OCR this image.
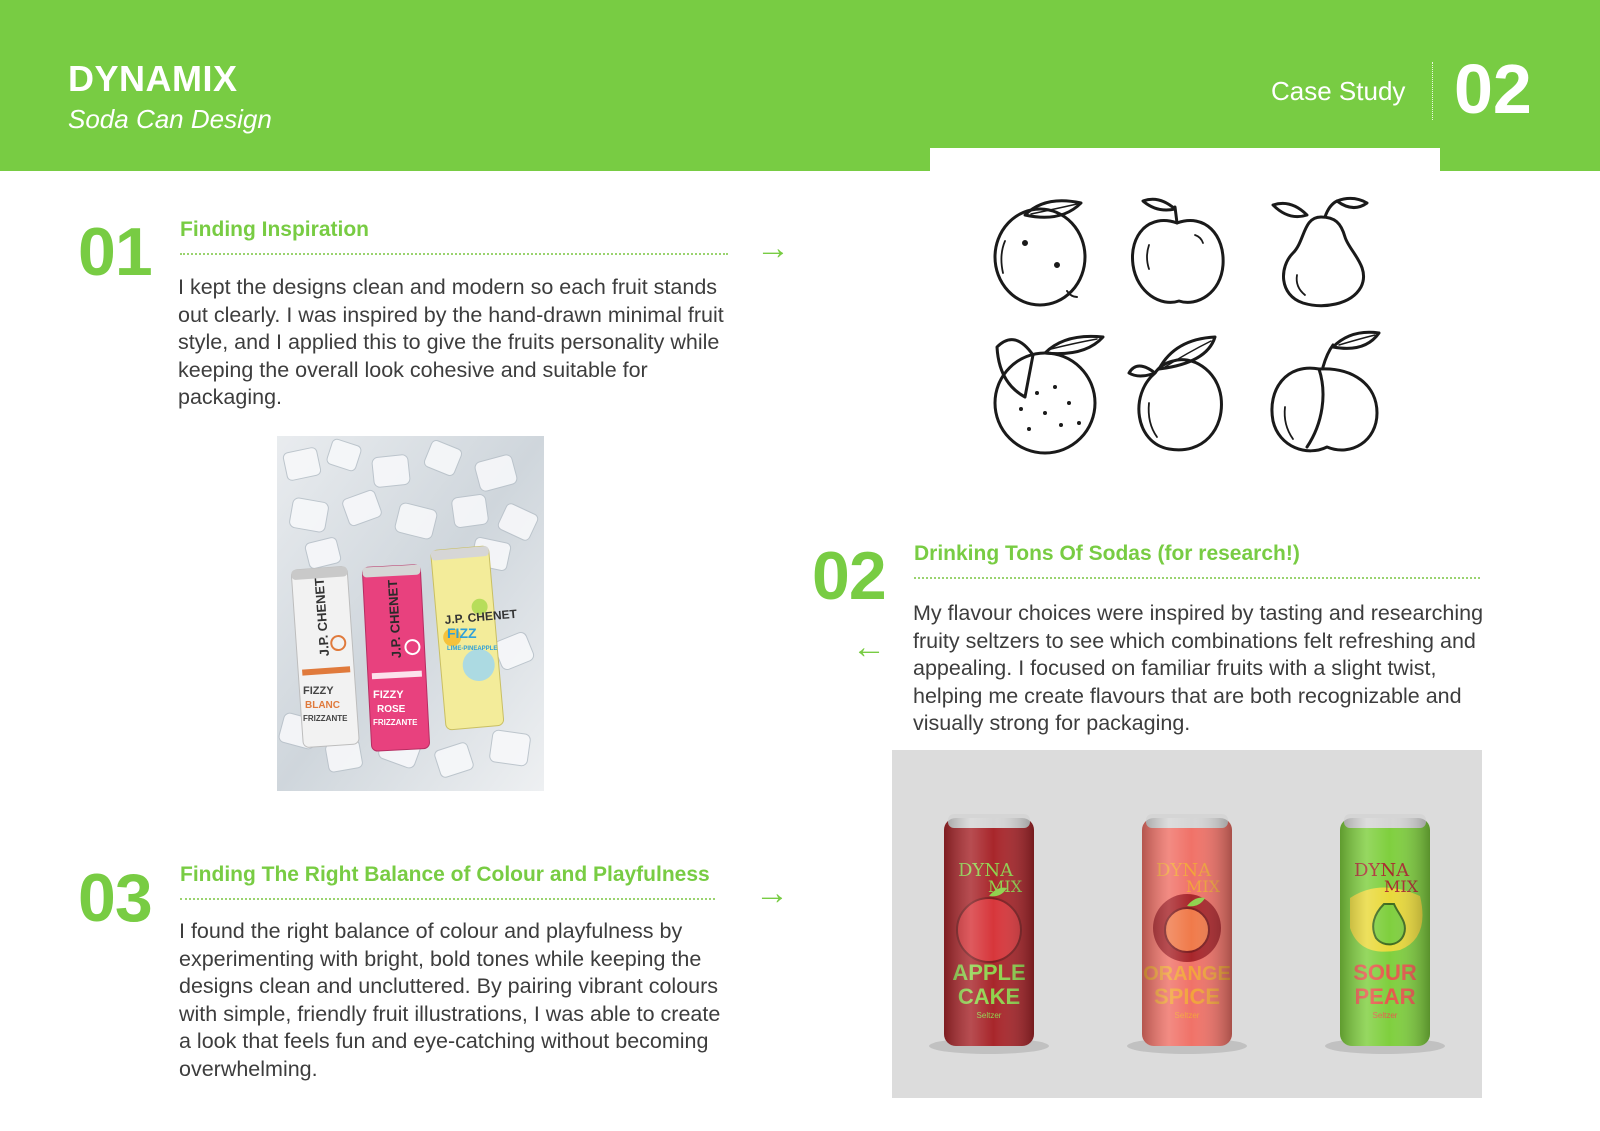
DYNAMIX
Soda Can Design
Case Study 02
01 Finding Inspiration
I kept the designs clean and modern so each fruit stands out clearly. I was inspired by the hand-drawn minimal fruit style, and I applied this to give the fruits personality while keeping the overall look cohesive and suitable for packaging.
→
J.P. CHENET	J.P. CHENET	J.P. CHENET
FIZZY
BLANC
FRIZZANTE
FIZZY
ROSE
FRIZZANTE
FIZZ
LIME-PINEAPPLE
02 Drinking Tons Of Sodas (for research!)
My flavour choices were inspired by tasting and researching fruity seltzers to see which combinations felt refreshing and appealing. I focused on familiar fruits with a slight twist, helping me create flavours that are both recognizable and visually strong for packaging.
←
03 Finding The Right Balance of Colour and Playfulness
I found the right balance of colour and playfulness by experimenting with bright, bold tones while keeping the designs clean and uncluttered. By pairing vibrant colours with simple, friendly fruit illustrations, I was able to create a look that feels fun and eye-catching without becoming overwhelming.
→
